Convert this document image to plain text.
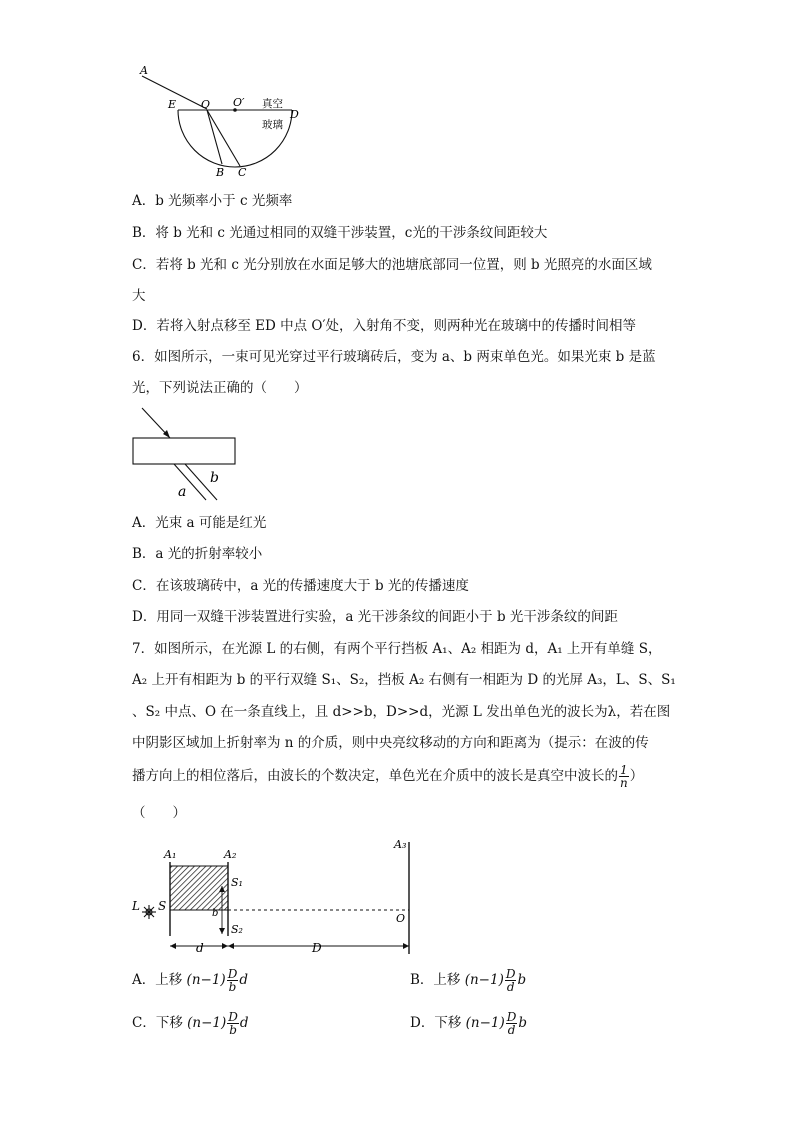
A
E O O′ 真空
D
玻璃
B C
A．b 光频率小于 c 光频率
B．将 b 光和 c 光通过相同的双缝干涉装置，c光的干涉条纹间距较大
C．若将 b 光和 c 光分别放在水面足够大的池塘底部同一位置，则 b 光照亮的水面区域
大
D．若将入射点移至 ED 中点 O′处，入射角不变，则两种光在玻璃中的传播时间相等
6．如图所示，一束可见光穿过平行玻璃砖后，变为 a、b 两束单色光。如果光束 b 是蓝
光，下列说法正确的（　　）
a
b
A．光束 a 可能是红光
B．a 光的折射率较小
C．在该玻璃砖中，a 光的传播速度大于 b 光的传播速度
D．用同一双缝干涉装置进行实验，a 光干涉条纹的间距小于 b 光干涉条纹的间距
7．如图所示，在光源 L 的右侧，有两个平行挡板 A₁、A₂ 相距为 d，A₁ 上开有单缝 S，
A₂ 上开有相距为 b 的平行双缝 S₁、S₂，挡板 A₂ 右侧有一相距为 D 的光屏 A₃，L、S、S₁
、S₂ 中点、O 在一条直线上，且 d>>b，D>>d，光源 L 发出单色光的波长为λ，若在图
中阴影区域加上折射率为 n 的介质，则中央亮纹移动的方向和距离为（提示：在波的传
播方向上的相位落后，由波长的个数决定，单色光在介质中的波长是真空中波长的 $\frac{1}{n}$ ）
（　　）
A₁	A₂
A₃
S₁
S₂
S
L
O
b
d	D
A．上移 $(n-1) \frac{D}{b}$ d	B．上移 $(n-1) \frac{D}{d}$ b
C．下移 $(n-1) \frac{D}{b}$ d	D．下移 $(n-1) \frac{D}{d}$ b
